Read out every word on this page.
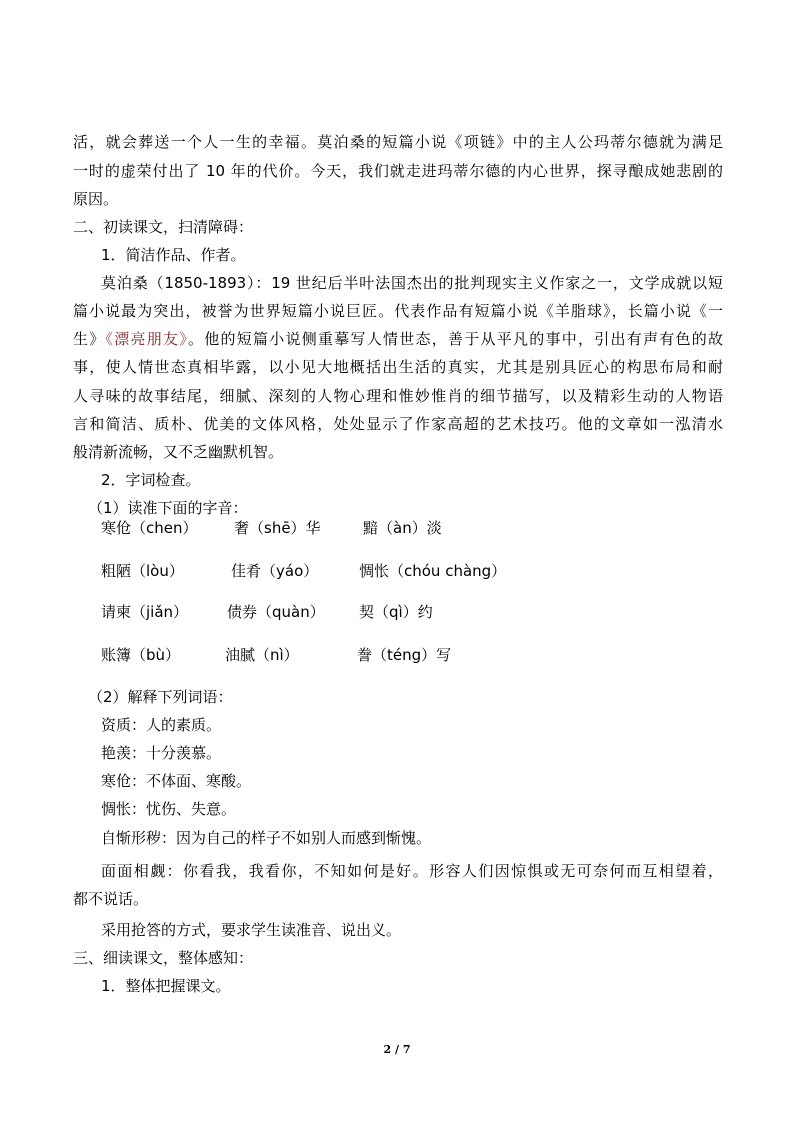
活，就会葬送一个人一生的幸福。莫泊桑的短篇小说《项链》中的主人公玛蒂尔德就为满足
一时的虚荣付出了 10 年的代价。今天，我们就走进玛蒂尔德的内心世界，探寻酿成她悲剧的
原因。
二、初读课文，扫清障碍：
1．简洁作品、作者。
莫泊桑（1850-1893）：19 世纪后半叶法国杰出的批判现实主义作家之一，文学成就以短
篇小说最为突出，被誉为世界短篇小说巨匠。代表作品有短篇小说《羊脂球》，长篇小说《一
生》《漂亮朋友》。他的短篇小说侧重摹写人情世态，善于从平凡的事中，引出有声有色的故
事，使人情世态真相毕露，以小见大地概括出生活的真实，尤其是别具匠心的构思布局和耐
人寻味的故事结尾，细腻、深刻的人物心理和惟妙惟肖的细节描写，以及精彩生动的人物语
言和简洁、质朴、优美的文体风格，处处显示了作家高超的艺术技巧。他的文章如一泓清水
般清新流畅，又不乏幽默机智。
2．字词检查。
（1）读准下面的字音：
寒伧（chen） 奢（shē）华	黯（àn）淡
粗陋（lòu）	佳肴（yáo）	惆怅（chóu chàng）
请柬（jiǎn）	债券（quàn） 契（qì）约
账簿（bù）	油腻（nì）	誊（téng）写
（2）解释下列词语：
资质：人的素质。
艳羡：十分羡慕。
寒伧：不体面、寒酸。
惆怅：忧伤、失意。
自惭形秽：因为自己的样子不如别人而感到惭愧。
面面相觑：你看我，我看你，不知如何是好。形容人们因惊惧或无可奈何而互相望着，
都不说话。
采用抢答的方式，要求学生读准音、说出义。
三、细读课文，整体感知：
1．整体把握课文。
2 / 7
